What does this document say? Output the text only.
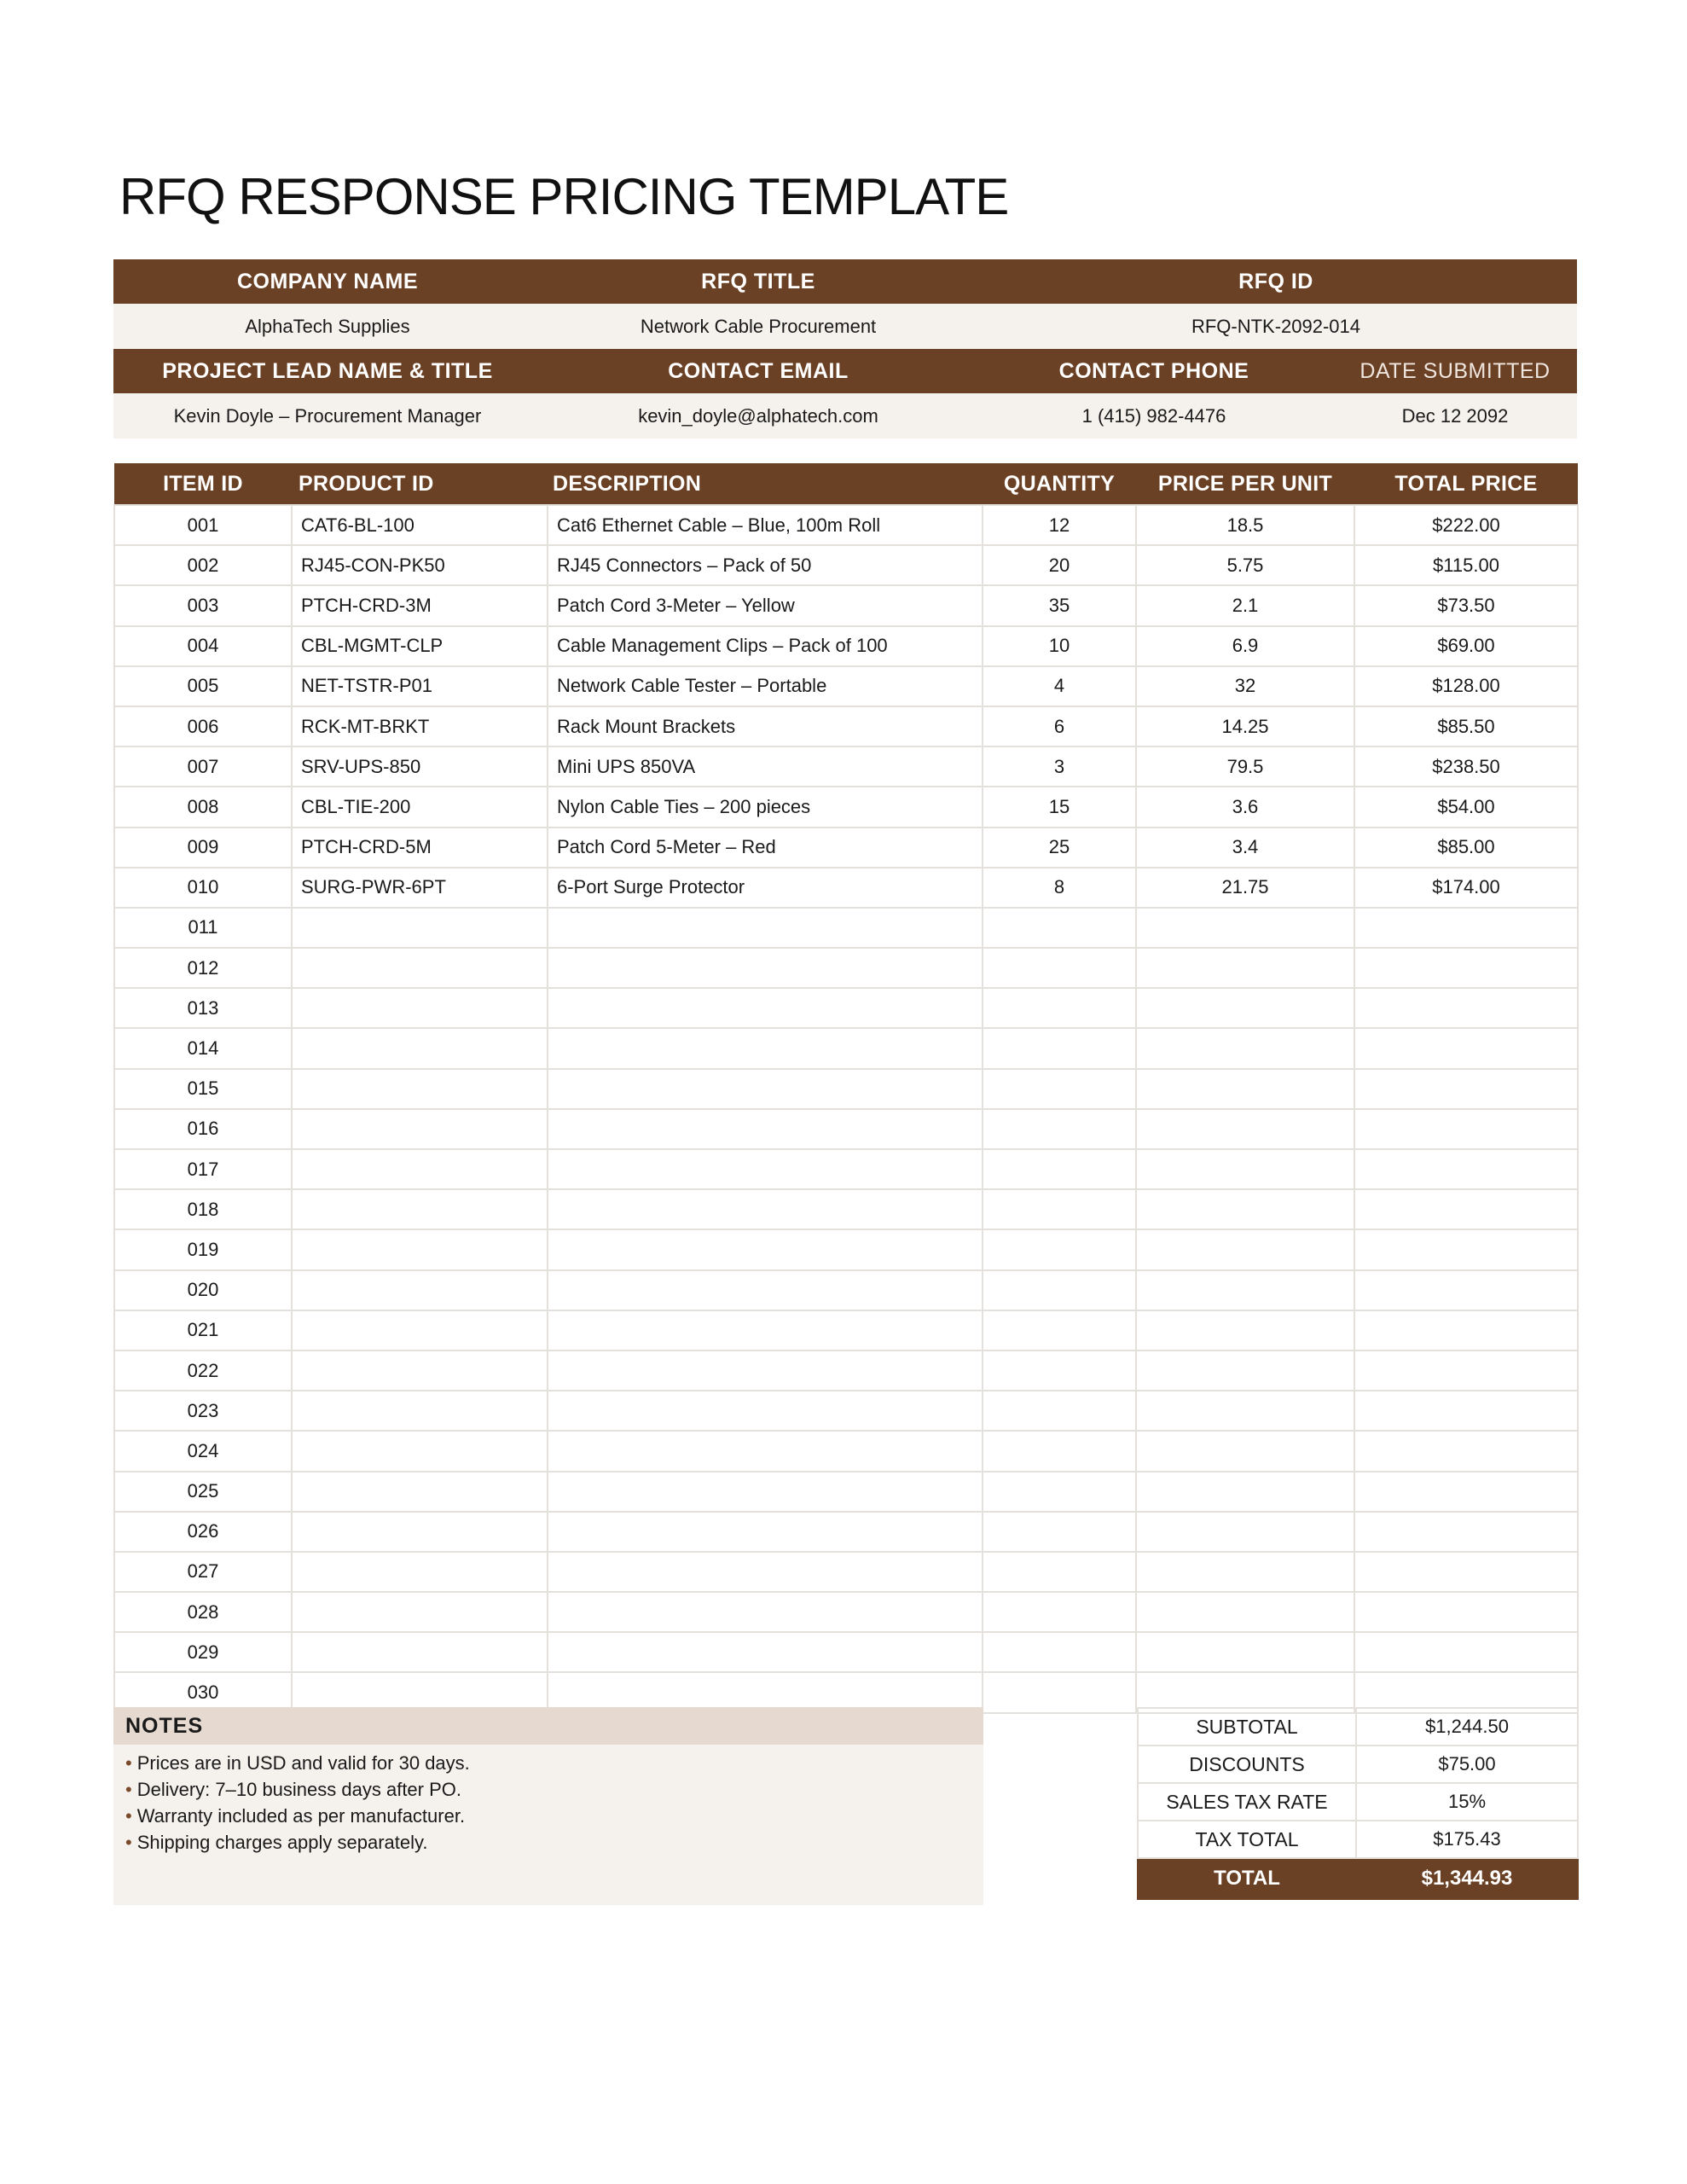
RFQ RESPONSE PRICING TEMPLATE
COMPANY NAME	RFQ TITLE	RFQ ID	
AlphaTech Supplies	Network Cable Procurement	RFQ-NTK-2092-014	
PROJECT LEAD NAME & TITLE	CONTACT EMAIL	CONTACT PHONE	DATE SUBMITTED
Kevin Doyle – Procurement Manager	kevin_doyle@alphatech.com	1 (415) 982-4476	Dec 12 2092
ITEM ID	PRODUCT ID	DESCRIPTION	QUANTITY	PRICE PER UNIT	TOTAL PRICE
001	CAT6-BL-100	Cat6 Ethernet Cable – Blue, 100m Roll	12	18.5	$222.00
002	RJ45-CON-PK50	RJ45 Connectors – Pack of 50	20	5.75	$115.00
003	PTCH-CRD-3M	Patch Cord 3-Meter – Yellow	35	2.1	$73.50
004	CBL-MGMT-CLP	Cable Management Clips – Pack of 100	10	6.9	$69.00
005	NET-TSTR-P01	Network Cable Tester – Portable	4	32	$128.00
006	RCK-MT-BRKT	Rack Mount Brackets	6	14.25	$85.50
007	SRV-UPS-850	Mini UPS 850VA	3	79.5	$238.50
008	CBL-TIE-200	Nylon Cable Ties – 200 pieces	15	3.6	$54.00
009	PTCH-CRD-5M	Patch Cord 5-Meter – Red	25	3.4	$85.00
010	SURG-PWR-6PT	6-Port Surge Protector	8	21.75	$174.00
011					
012					
013					
014					
015					
016					
017					
018					
019					
020					
021					
022					
023					
024					
025					
026					
027					
028					
029					
030					
NOTES
• Prices are in USD and valid for 30 days.
• Delivery: 7–10 business days after PO.
• Warranty included as per manufacturer.
• Shipping charges apply separately.
SUBTOTAL	$1,244.50
DISCOUNTS	$75.00
SALES TAX RATE	15%
TAX TOTAL	$175.43
TOTAL	$1,344.93
